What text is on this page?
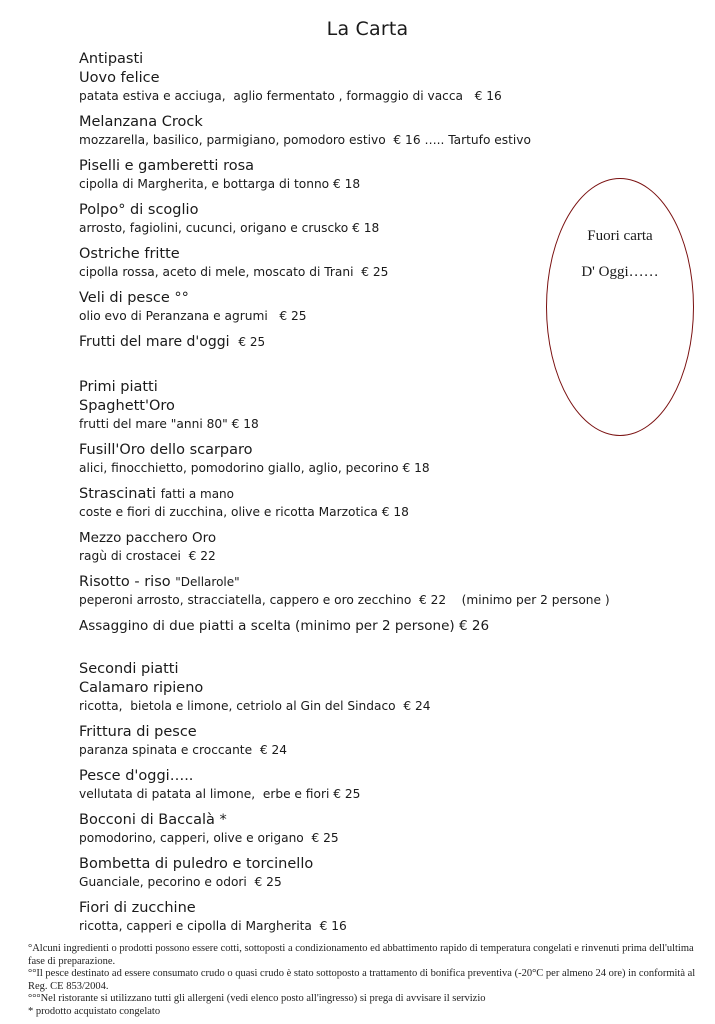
La Carta
Antipasti
Uovo felice
patata estiva e acciuga,  aglio fermentato , formaggio di vacca   € 16
Melanzana Crock
mozzarella, basilico, parmigiano, pomodoro estivo  € 16 ….. Tartufo estivo
Piselli e gamberetti rosa
cipolla di Margherita, e bottarga di tonno € 18
Polpo° di scoglio
arrosto, fagiolini, cucunci, origano e cruscko € 18
Ostriche fritte
cipolla rossa, aceto di mele, moscato di Trani  € 25
Veli di pesce °°
olio evo di Peranzana e agrumi   € 25
Frutti del mare d'oggi € 25
Primi piatti
Spaghett'Oro
frutti del mare "anni 80" € 18
Fusill'Oro dello scarparo
alici, finocchietto, pomodorino giallo, aglio, pecorino € 18
Strascinati fatti a mano
coste e fiori di zucchina, olive e ricotta Marzotica € 18
Mezzo pacchero Oro
ragù di crostacei  € 22
Risotto - riso "Dellarole"
peperoni arrosto, stracciatella, cappero e oro zecchino  € 22    (minimo per 2 persone )
Assaggino di due piatti a scelta (minimo per 2 persone) € 26
Secondi piatti
Calamaro ripieno
ricotta,  bietola e limone, cetriolo al Gin del Sindaco  € 24
Frittura di pesce
paranza spinata e croccante  € 24
Pesce d'oggi…..
vellutata di patata al limone,  erbe e fiori € 25
Bocconi di Baccalà *
pomodorino, capperi, olive e origano  € 25
Bombetta di puledro e torcinello
Guanciale, pecorino e odori  € 25
Fiori di zucchine
ricotta, capperi e cipolla di Margherita  € 16
Fuori carta
D' Oggi……
°Alcuni ingredienti o prodotti possono essere cotti, sottoposti a condizionamento ed abbattimento rapido di temperatura congelati e rinvenuti prima dell'ultima fase di preparazione.
°°Il pesce destinato ad essere consumato crudo o quasi crudo è stato sottoposto a trattamento di bonifica preventiva (-20°C per almeno 24 ore) in conformità al Reg. CE 853/2004.
°°°Nel ristorante si utilizzano tutti gli allergeni (vedi elenco posto all'ingresso) si prega di avvisare il servizio
* prodotto acquistato congelato
